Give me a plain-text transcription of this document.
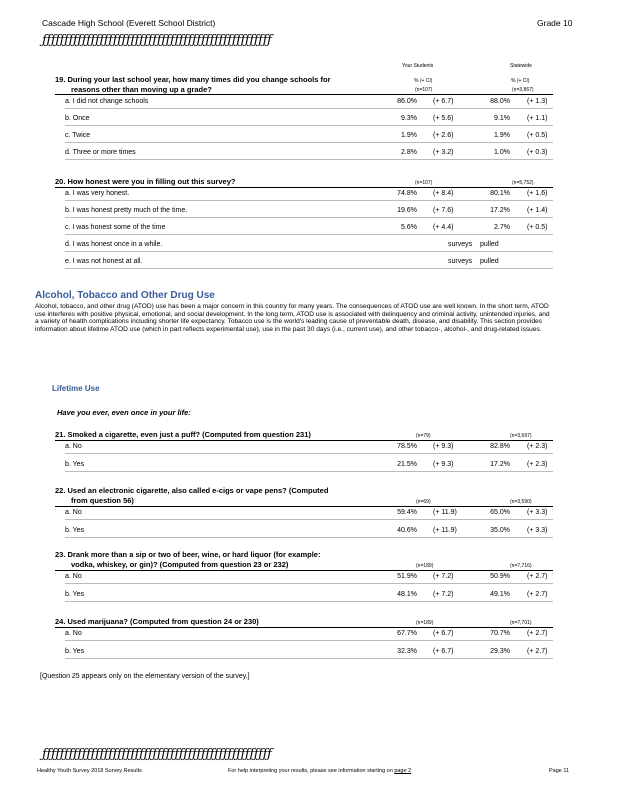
Cascade High School (Everett School District)	Grade 10
ƒƒƒƒƒƒƒƒƒƒƒƒƒƒƒƒƒƒƒƒƒƒƒƒƒƒƒƒƒƒƒƒƒƒƒƒƒƒƒƒƒƒƒƒƒƒƒƒƒƒƒƒ
Your Students	Statewide
% (+ CI)	% (+ CI)
19. During your last school year, how many times did you change schools for
reasons other than moving up a grade?	(n=107)	(n=3,867)
a. I did not change schools	86.0% (+ 6.7)	88.0% (+ 1.3)
b. Once	9.3% (+ 5.6)	9.1% (+ 1.1)
c. Twice	1.9% (+ 2.6)	1.9% (+ 0.5)
d. Three or more times	2.8% (+ 3.2)	1.0% (+ 0.3)
20. How honest were you in filling out this survey?	(n=107)	(n=5,752)
a. I was very honest.	74.8% (+ 8.4)	80.1% (+ 1.6)
b. I was honest pretty much of the time.	19.6% (+ 7.6)	17.2% (+ 1.4)
c. I was honest some of the time	5.6% (+ 4.4)	2.7% (+ 0.5)
d. I was honest once in a while.	surveys pulled
e. I was not honest at all.	surveys pulled
Alcohol, Tobacco and Other Drug Use
Alcohol, tobacco, and other drug (ATOD) use has been a major concern in this country for many years. The consequences of ATOD use are well known. In the short term, ATOD use interferes with positive physical, emotional, and social development. In the long term, ATOD use is associated with delinquency and criminal activity, unintended injuries, and a variety of health complications including shorter life expectancy. Tobacco use is the world's leading cause of preventable death, disease, and disability. This section provides information about lifetime ATOD use (which in part reflects experimental use), use in the past 30 days (i.e., current use), and other tobacco-, alcohol-, and drug-related issues.
Lifetime Use
Have you ever, even once in your life:
21. Smoked a cigarette, even just a puff? (Computed from question 231)	(n=79)	(n=3,697)
a. No	78.5% (+ 9.3)	82.8% (+ 2.3)
b. Yes	21.5% (+ 9.3)	17.2% (+ 2.3)
22. Used an electronic cigarette, also called e-cigs or vape pens? (Computed
from question 56)	(n=69)	(n=3,590)
a. No	59.4% (+ 11.9)	65.0% (+ 3.3)
b. Yes	40.6% (+ 11.9)	35.0% (+ 3.3)
23. Drank more than a sip or two of beer, wine, or hard liquor (for example:
vodka, whiskey, or gin)? (Computed from question 23 or 232)	(n=189)	(n=7,716)
a. No	51.9% (+ 7.2)	50.9% (+ 2.7)
b. Yes	48.1% (+ 7.2)	49.1% (+ 2.7)
24. Used marijuana? (Computed from question 24 or 230)	(n=189)	(n=7,701)
a. No	67.7% (+ 6.7)	70.7% (+ 2.7)
b. Yes	32.3% (+ 6.7)	29.3% (+ 2.7)
[Question 25 appears only on the elementary version of the survey.]
ƒƒƒƒƒƒƒƒƒƒƒƒƒƒƒƒƒƒƒƒƒƒƒƒƒƒƒƒƒƒƒƒƒƒƒƒƒƒƒƒƒƒƒƒƒƒƒƒƒƒƒƒ
Healthy Youth Survey 2018 Survey Results	For help interpreting your results, please see information starting on page 2	Page 11
